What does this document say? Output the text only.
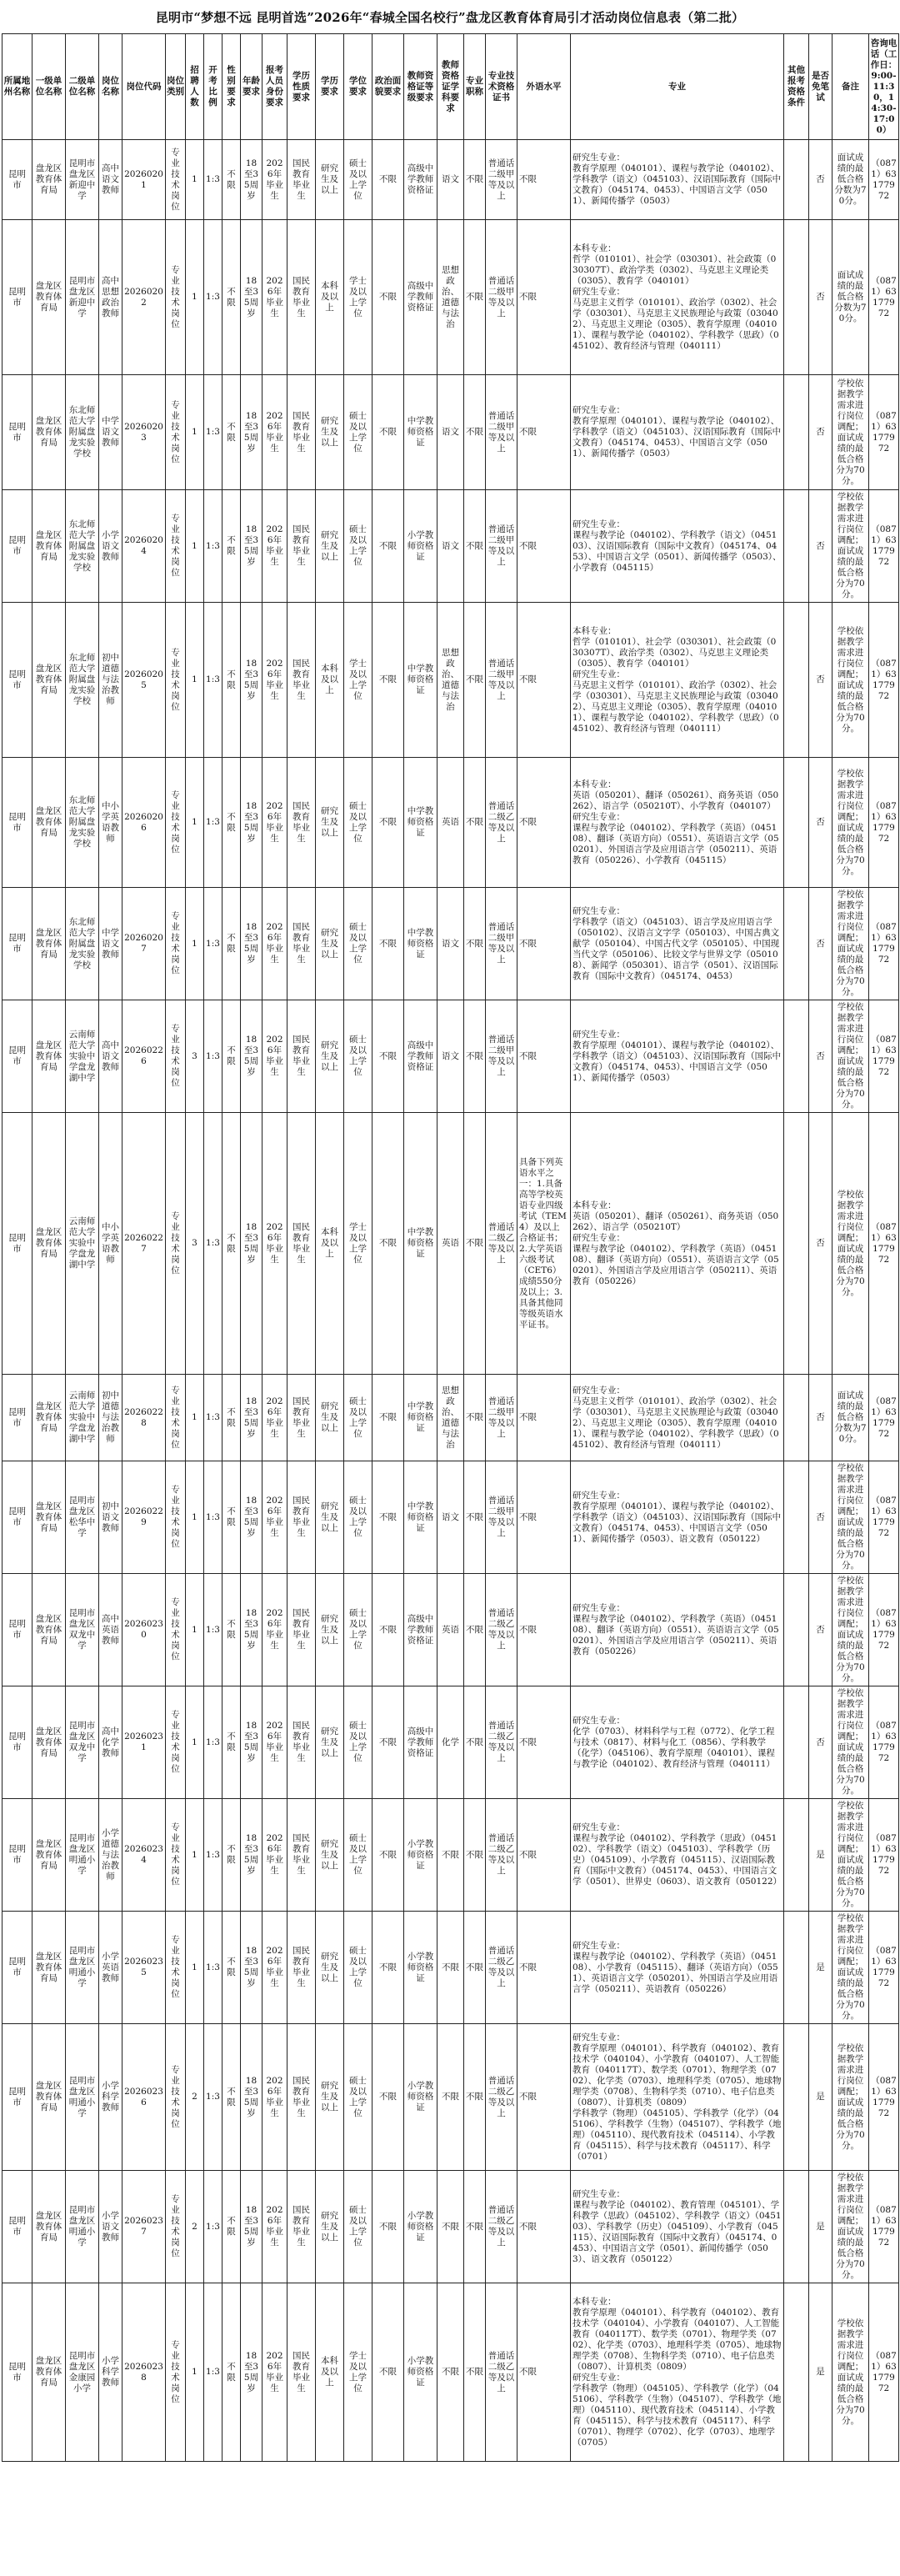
昆明市“梦想不远 昆明首选”2026年“春城全国名校行”盘龙区教育体育局引才活动岗位信息表（第二批）
所属地州名称	一级单位名称	二级单位名称	岗位名称	岗位代码	岗位类别	招聘人数	开考比例	性别要求	年龄要求	报考人员身份要求	学历性质要求	学历要求	学位要求	政治面貌要求	教师资格证等级要求	教师资格证学科要求	专业职称	专业技术资格证书	外语水平	专业	其他报考资格条件	是否免笔试	备注	咨询电话（工作日：9:00-11:30，14:30-17:00）
昆明市	盘龙区教育体育局	昆明市盘龙区新迎中学	高中语文教师	20260201	专业技术岗位	1	1:3	不限	18至35周岁	2026年毕业生	国民教育毕业生	研究生及以上	硕士及以上学位	不限	高级中学教师资格证	语文	不限	普通话二级甲等及以上	不限	研究生专业：
教育学原理（040101）、课程与教学论（040102）、学科教学（语文）（045103）、汉语国际教育（国际中文教育）（045174、0453）、中国语言文学（0501）、新闻传播学（0503）		否	面试成绩的最低合格分数为70分。	（0871）63177972
昆明市	盘龙区教育体育局	昆明市盘龙区新迎中学	高中思想政治教师	20260202	专业技术岗位	1	1:3	不限	18至35周岁	2026年毕业生	国民教育毕业生	本科及以上	学士及以上学位	不限	高级中学教师资格证	思想政治、道德与法治	不限	普通话二级甲等及以上	不限	本科专业：
哲学（010101）、社会学（030301）、社会政策（030307T）、政治学类（0302）、马克思主义理论类（0305）、教育学（040101）
研究生专业：
马克思主义哲学（010101）、政治学（0302）、社会学（030301）、马克思主义民族理论与政策（030402）、马克思主义理论（0305）、教育学原理（040101）、课程与教学论（040102）、学科教学（思政）（045102）、教育经济与管理（040111）		否	面试成绩的最低合格分数为70分。	（0871）63177972
昆明市	盘龙区教育体育局	东北师范大学附属盘龙实验学校	中学语文教师	20260203	专业技术岗位	1	1:3	不限	18至35周岁	2026年毕业生	国民教育毕业生	研究生及以上	硕士及以上学位	不限	中学教师资格证	语文	不限	普通话二级甲等及以上	不限	研究生专业：
教育学原理（040101）、课程与教学论（040102）、学科教学（语文）（045103）、汉语国际教育（国际中文教育）（045174、0453）、中国语言文学（0501）、新闻传播学（0503）		否	学校依据教学需求进行岗位调配；面试成绩的最低合格分为70分。	（0871）63177972
昆明市	盘龙区教育体育局	东北师范大学附属盘龙实验学校	小学语文教师	20260204	专业技术岗位	1	1:3	不限	18至35周岁	2026年毕业生	国民教育毕业生	研究生及以上	硕士及以上学位	不限	小学教师资格证	语文	不限	普通话二级甲等及以上	不限	研究生专业：
课程与教学论（040102）、学科教学（语文）（045103）、汉语国际教育（国际中文教育）（045174、0453）、中国语言文学（0501）、新闻传播学（0503）、小学教育（045115）		否	学校依据教学需求进行岗位调配；面试成绩的最低合格分为70分。	（0871）63177972
昆明市	盘龙区教育体育局	东北师范大学附属盘龙实验学校	初中道德与法治教师	20260205	专业技术岗位	1	1:3	不限	18至35周岁	2026年毕业生	国民教育毕业生	本科及以上	学士及以上学位	不限	中学教师资格证	思想政治、道德与法治	不限	普通话二级甲等及以上	不限	本科专业：
哲学（010101）、社会学（030301）、社会政策（030307T）、政治学类（0302）、马克思主义理论类（0305）、教育学（040101）
研究生专业：
马克思主义哲学（010101）、政治学（0302）、社会学（030301）、马克思主义民族理论与政策（030402）、马克思主义理论（0305）、教育学原理（040101）、课程与教学论（040102）、学科教学（思政）（045102）、教育经济与管理（040111）		否	学校依据教学需求进行岗位调配；面试成绩的最低合格分为70分。	（0871）63177972
昆明市	盘龙区教育体育局	东北师范大学附属盘龙实验学校	中小学英语教师	20260206	专业技术岗位	1	1:3	不限	18至35周岁	2026年毕业生	国民教育毕业生	研究生及以上	硕士及以上学位	不限	中学教师资格证	英语	不限	普通话二级乙等及以上	不限	本科专业：
英语（050201）、翻译（050261）、商务英语（050262）、语言学（050210T）、小学教育（040107）
研究生专业：
课程与教学论（040102）、学科教学（英语）（045108）、翻译（英语方向）（0551）、英语语言文学（050201）、外国语言学及应用语言学（050211）、英语教育（050226）、小学教育（045115）		否	学校依据教学需求进行岗位调配；面试成绩的最低合格分为70分。	（0871）63177972
昆明市	盘龙区教育体育局	东北师范大学附属盘龙实验学校	中学语文教师	20260207	专业技术岗位	1	1:3	不限	18至35周岁	2026年毕业生	国民教育毕业生	研究生及以上	硕士及以上学位	不限	中学教师资格证	语文	不限	普通话二级甲等及以上	不限	研究生专业：
学科教学（语文）（045103）、语言学及应用语言学（050102）、汉语言文字学（050103）、中国古典文献学（050104）、中国古代文学（050105）、中国现当代文学（050106）、比较文学与世界文学（050108）、新闻学（050301）、语言学（0501）、汉语国际教育（国际中文教育）（045174、0453）		否	学校依据教学需求进行岗位调配；面试成绩的最低合格分为70分。	（0871）63177972
昆明市	盘龙区教育体育局	云南师范大学实验中学盘龙湖中学	高中语文教师	20260226	专业技术岗位	3	1:3	不限	18至35周岁	2026年毕业生	国民教育毕业生	研究生及以上	硕士及以上学位	不限	高级中学教师资格证	语文	不限	普通话二级甲等及以上	不限	研究生专业：
教育学原理（040101）、课程与教学论（040102）、学科教学（语文）（045103）、汉语国际教育（国际中文教育）（045174、0453）、中国语言文学（0501）、新闻传播学（0503）		否	学校依据教学需求进行岗位调配；面试成绩的最低合格分为70分。	（0871）63177972
昆明市	盘龙区教育体育局	云南师范大学实验中学盘龙湖中学	中小学英语教师	20260227	专业技术岗位	3	1:3	不限	18至35周岁	2026年毕业生	国民教育毕业生	本科及以上	学士及以上学位	不限	中学教师资格证	英语	不限	普通话二级乙等及以上	具备下列英语水平之一：1.具备高等学校英语专业四级考试（TEM4）及以上合格证书；2.大学英语六级考试（CET6）成绩550分及以上；3.具备其他同等级英语水平证书。	本科专业：
英语（050201）、翻译（050261）、商务英语（050262）、语言学（050210T）
研究生专业：
课程与教学论（040102）、学科教学（英语）（045108）、翻译（英语方向）（0551）、英语语言文学（050201）、外国语言学及应用语言学（050211）、英语教育（050226）		否	学校依据教学需求进行岗位调配；面试成绩的最低合格分为70分。	（0871）63177972
昆明市	盘龙区教育体育局	云南师范大学实验中学盘龙湖中学	初中道德与法治教师	20260228	专业技术岗位	1	1:3	不限	18至35周岁	2026年毕业生	国民教育毕业生	研究生及以上	硕士及以上学位	不限	中学教师资格证	思想政治、道德与法治	不限	普通话二级甲等及以上	不限	研究生专业：
马克思主义哲学（010101）、政治学（0302）、社会学（030301）、马克思主义民族理论与政策（030402）、马克思主义理论（0305）、教育学原理（040101）、课程与教学论（040102）、学科教学（思政）（045102）、教育经济与管理（040111）		否	面试成绩的最低合格分数为70分。	（0871）63177972
昆明市	盘龙区教育体育局	昆明市盘龙区松华中学	初中语文教师	20260229	专业技术岗位	1	1:3	不限	18至35周岁	2026年毕业生	国民教育毕业生	研究生及以上	硕士及以上学位	不限	中学教师资格证	语文	不限	普通话二级甲等及以上	不限	研究生专业：
教育学原理（040101）、课程与教学论（040102）、学科教学（语文）（045103）、汉语国际教育（国际中文教育）（045174、0453）、中国语言文学（0501）、新闻传播学（0503）、语文教育（050122）		否	学校依据教学需求进行岗位调配；面试成绩的最低合格分为70分。	（0871）63177972
昆明市	盘龙区教育体育局	昆明市盘龙区双龙中学	高中英语教师	20260230	专业技术岗位	1	1:3	不限	18至35周岁	2026年毕业生	国民教育毕业生	研究生及以上	硕士及以上学位	不限	高级中学教师资格证	英语	不限	普通话二级乙等及以上	不限	研究生专业：
课程与教学论（040102）、学科教学（英语）（045108）、翻译（英语方向）（0551）、英语语言文学（050201）、外国语言学及应用语言学（050211）、英语教育（050226）		否	学校依据教学需求进行岗位调配；面试成绩的最低合格分为70分。	（0871）63177972
昆明市	盘龙区教育体育局	昆明市盘龙区双龙中学	高中化学教师	20260231	专业技术岗位	1	1:3	不限	18至35周岁	2026年毕业生	国民教育毕业生	研究生及以上	硕士及以上学位	不限	高级中学教师资格证	化学	不限	普通话二级乙等及以上	不限	研究生专业：
化学（0703）、材料科学与工程（0772）、化学工程与技术（0817）、材料与化工（0856）、学科教学（化学）（045106）、教育学原理（040101）、课程与教学论（040102）、教育经济与管理（040111）		否	学校依据教学需求进行岗位调配；面试成绩的最低合格分为70分。	（0871）63177972
昆明市	盘龙区教育体育局	昆明市盘龙区明通小学	小学道德与法治教师	20260234	专业技术岗位	1	1:3	不限	18至35周岁	2026年毕业生	国民教育毕业生	研究生及以上	硕士及以上学位	不限	小学教师资格证	不限	不限	普通话二级乙等及以上	不限	研究生专业：
课程与教学论（040102）、学科教学（思政）（045102）、学科教学（语文）（045103）、学科教学（历史）（045109）、小学教育（045115）、汉语国际教育（国际中文教育）（045174、0453）、中国语言文学（0501）、世界史（0603）、语文教育（050122）		是	学校依据教学需求进行岗位调配；面试成绩的最低合格分为70分。	（0871）63177972
昆明市	盘龙区教育体育局	昆明市盘龙区明通小学	小学英语教师	20260235	专业技术岗位	1	1:3	不限	18至35周岁	2026年毕业生	国民教育毕业生	研究生及以上	硕士及以上学位	不限	小学教师资格证	不限	不限	普通话二级乙等及以上	不限	研究生专业：
课程与教学论（040102）、学科教学（英语）（045108）、小学教育（045115）、翻译（英语方向）（0551）、英语语言文学（050201）、外国语言学及应用语言学（050211）、英语教育（050226）		是	学校依据教学需求进行岗位调配；面试成绩的最低合格分为70分。	（0871）63177972
昆明市	盘龙区教育体育局	昆明市盘龙区明通小学	小学科学教师	20260236	专业技术岗位	2	1:3	不限	18至35周岁	2026年毕业生	国民教育毕业生	研究生及以上	硕士及以上学位	不限	小学教师资格证	不限	不限	普通话二级乙等及以上	不限	研究生专业：
教育学原理（040101）、科学教育（040102）、教育技术学（040104）、小学教育（040107）、人工智能教育（040117T）、数学类（0701）、物理学类（0702）、化学类（0703）、地理科学类（0705）、地球物理学类（0708）、生物科学类（0710）、电子信息类（0807）、计算机类（0809）
学科教学（物理）（045105）、学科教学（化学）（045106）、学科教学（生物）（045107）、学科教学（地理）（045110）、现代教育技术（045114）、小学教育（045115）、科学与技术教育（045117）、科学（0701）		是	学校依据教学需求进行岗位调配；面试成绩的最低合格分为70分。	（0871）63177972
昆明市	盘龙区教育体育局	昆明市盘龙区明通小学	小学语文教师	20260237	专业技术岗位	2	1:3	不限	18至35周岁	2026年毕业生	国民教育毕业生	研究生及以上	硕士及以上学位	不限	小学教师资格证	不限	不限	普通话二级乙等及以上	不限	研究生专业：
课程与教学论（040102）、教育管理（045101）、学科教学（思政）（045102）、学科教学（语文）（045103）、学科教学（历史）（045109）、小学教育（045115）、汉语国际教育（国际中文教育）（045174、0453）、中国语言文学（0501）、新闻传播学（0503）、语文教育（050122）		是	学校依据教学需求进行岗位调配；面试成绩的最低合格分为70分。	（0871）63177972
昆明市	盘龙区教育体育局	昆明市盘龙区金康园小学	小学科学教师	20260238	专业技术岗位	1	1:3	不限	18至35周岁	2026年毕业生	国民教育毕业生	本科及以上	学士及以上学位	不限	小学教师资格证	不限	不限	普通话二级乙等及以上	不限	本科专业：
教育学原理（040101）、科学教育（040102）、教育技术学（040104）、小学教育（040107）、人工智能教育（040117T）、数学类（0701）、物理学类（0702）、化学类（0703）、地理科学类（0705）、地球物理学类（0708）、生物科学类（0710）、电子信息类（0807）、计算机类（0809）
研究生专业：
学科教学（物理）（045105）、学科教学（化学）（045106）、学科教学（生物）（045107）、学科教学（地理）（045110）、现代教育技术（045114）、小学教育（045115）、科学与技术教育（045117）、科学（0701）、物理学（0702）、化学（0703）、地理学（0705）		是	学校依据教学需求进行岗位调配；面试成绩的最低合格分为70分。	（0871）63177972
